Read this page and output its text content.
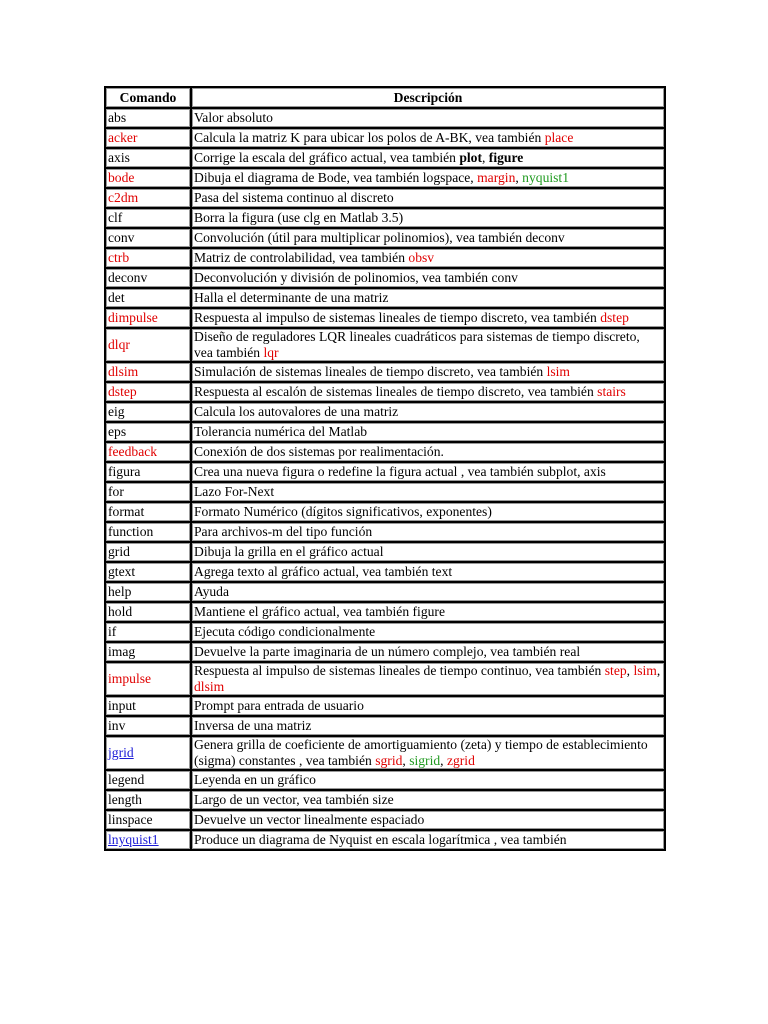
Comando	Descripción
abs	Valor absoluto
acker	Calcula la matriz K para ubicar los polos de A-BK, vea también place
axis	Corrige la escala del gráfico actual, vea también plot, figure
bode	Dibuja el diagrama de Bode, vea también logspace, margin, nyquist1
c2dm	Pasa del sistema continuo al discreto
clf	Borra la figura (use clg en Matlab 3.5)
conv	Convolución (útil para multiplicar polinomios), vea también deconv
ctrb	Matriz de controlabilidad, vea también obsv
deconv	Deconvolución y división de polinomios, vea también conv
det	Halla el determinante de una matriz
dimpulse	Respuesta al impulso de sistemas lineales de tiempo discreto, vea también dstep
dlqr	Diseño de reguladores LQR lineales cuadráticos para sistemas de tiempo discreto, vea también lqr
dlsim	Simulación de sistemas lineales de tiempo discreto, vea también lsim
dstep	Respuesta al escalón de sistemas lineales de tiempo discreto, vea también stairs
eig	Calcula los autovalores de una matriz
eps	Tolerancia numérica del Matlab
feedback	Conexión de dos sistemas por realimentación.
figura	Crea una nueva figura o redefine la figura actual , vea también subplot, axis
for	Lazo For-Next
format	Formato Numérico (dígitos significativos, exponentes)
function	Para archivos-m del tipo función
grid	Dibuja la grilla en el gráfico actual
gtext	Agrega texto al gráfico actual, vea también text
help	Ayuda
hold	Mantiene el gráfico actual, vea también figure
if	Ejecuta código condicionalmente
imag	Devuelve la parte imaginaria de un número complejo, vea también real
impulse	Respuesta al impulso de sistemas lineales de tiempo continuo, vea también step, lsim, dlsim
input	Prompt para entrada de usuario
inv	Inversa de una matriz
jgrid	Genera grilla de coeficiente de amortiguamiento (zeta) y tiempo de establecimiento (sigma) constantes , vea también sgrid, sigrid, zgrid
legend	Leyenda en un gráfico
length	Largo de un vector, vea también size
linspace	Devuelve un vector linealmente espaciado
lnyquist1	Produce un diagrama de Nyquist en escala logarítmica , vea también
